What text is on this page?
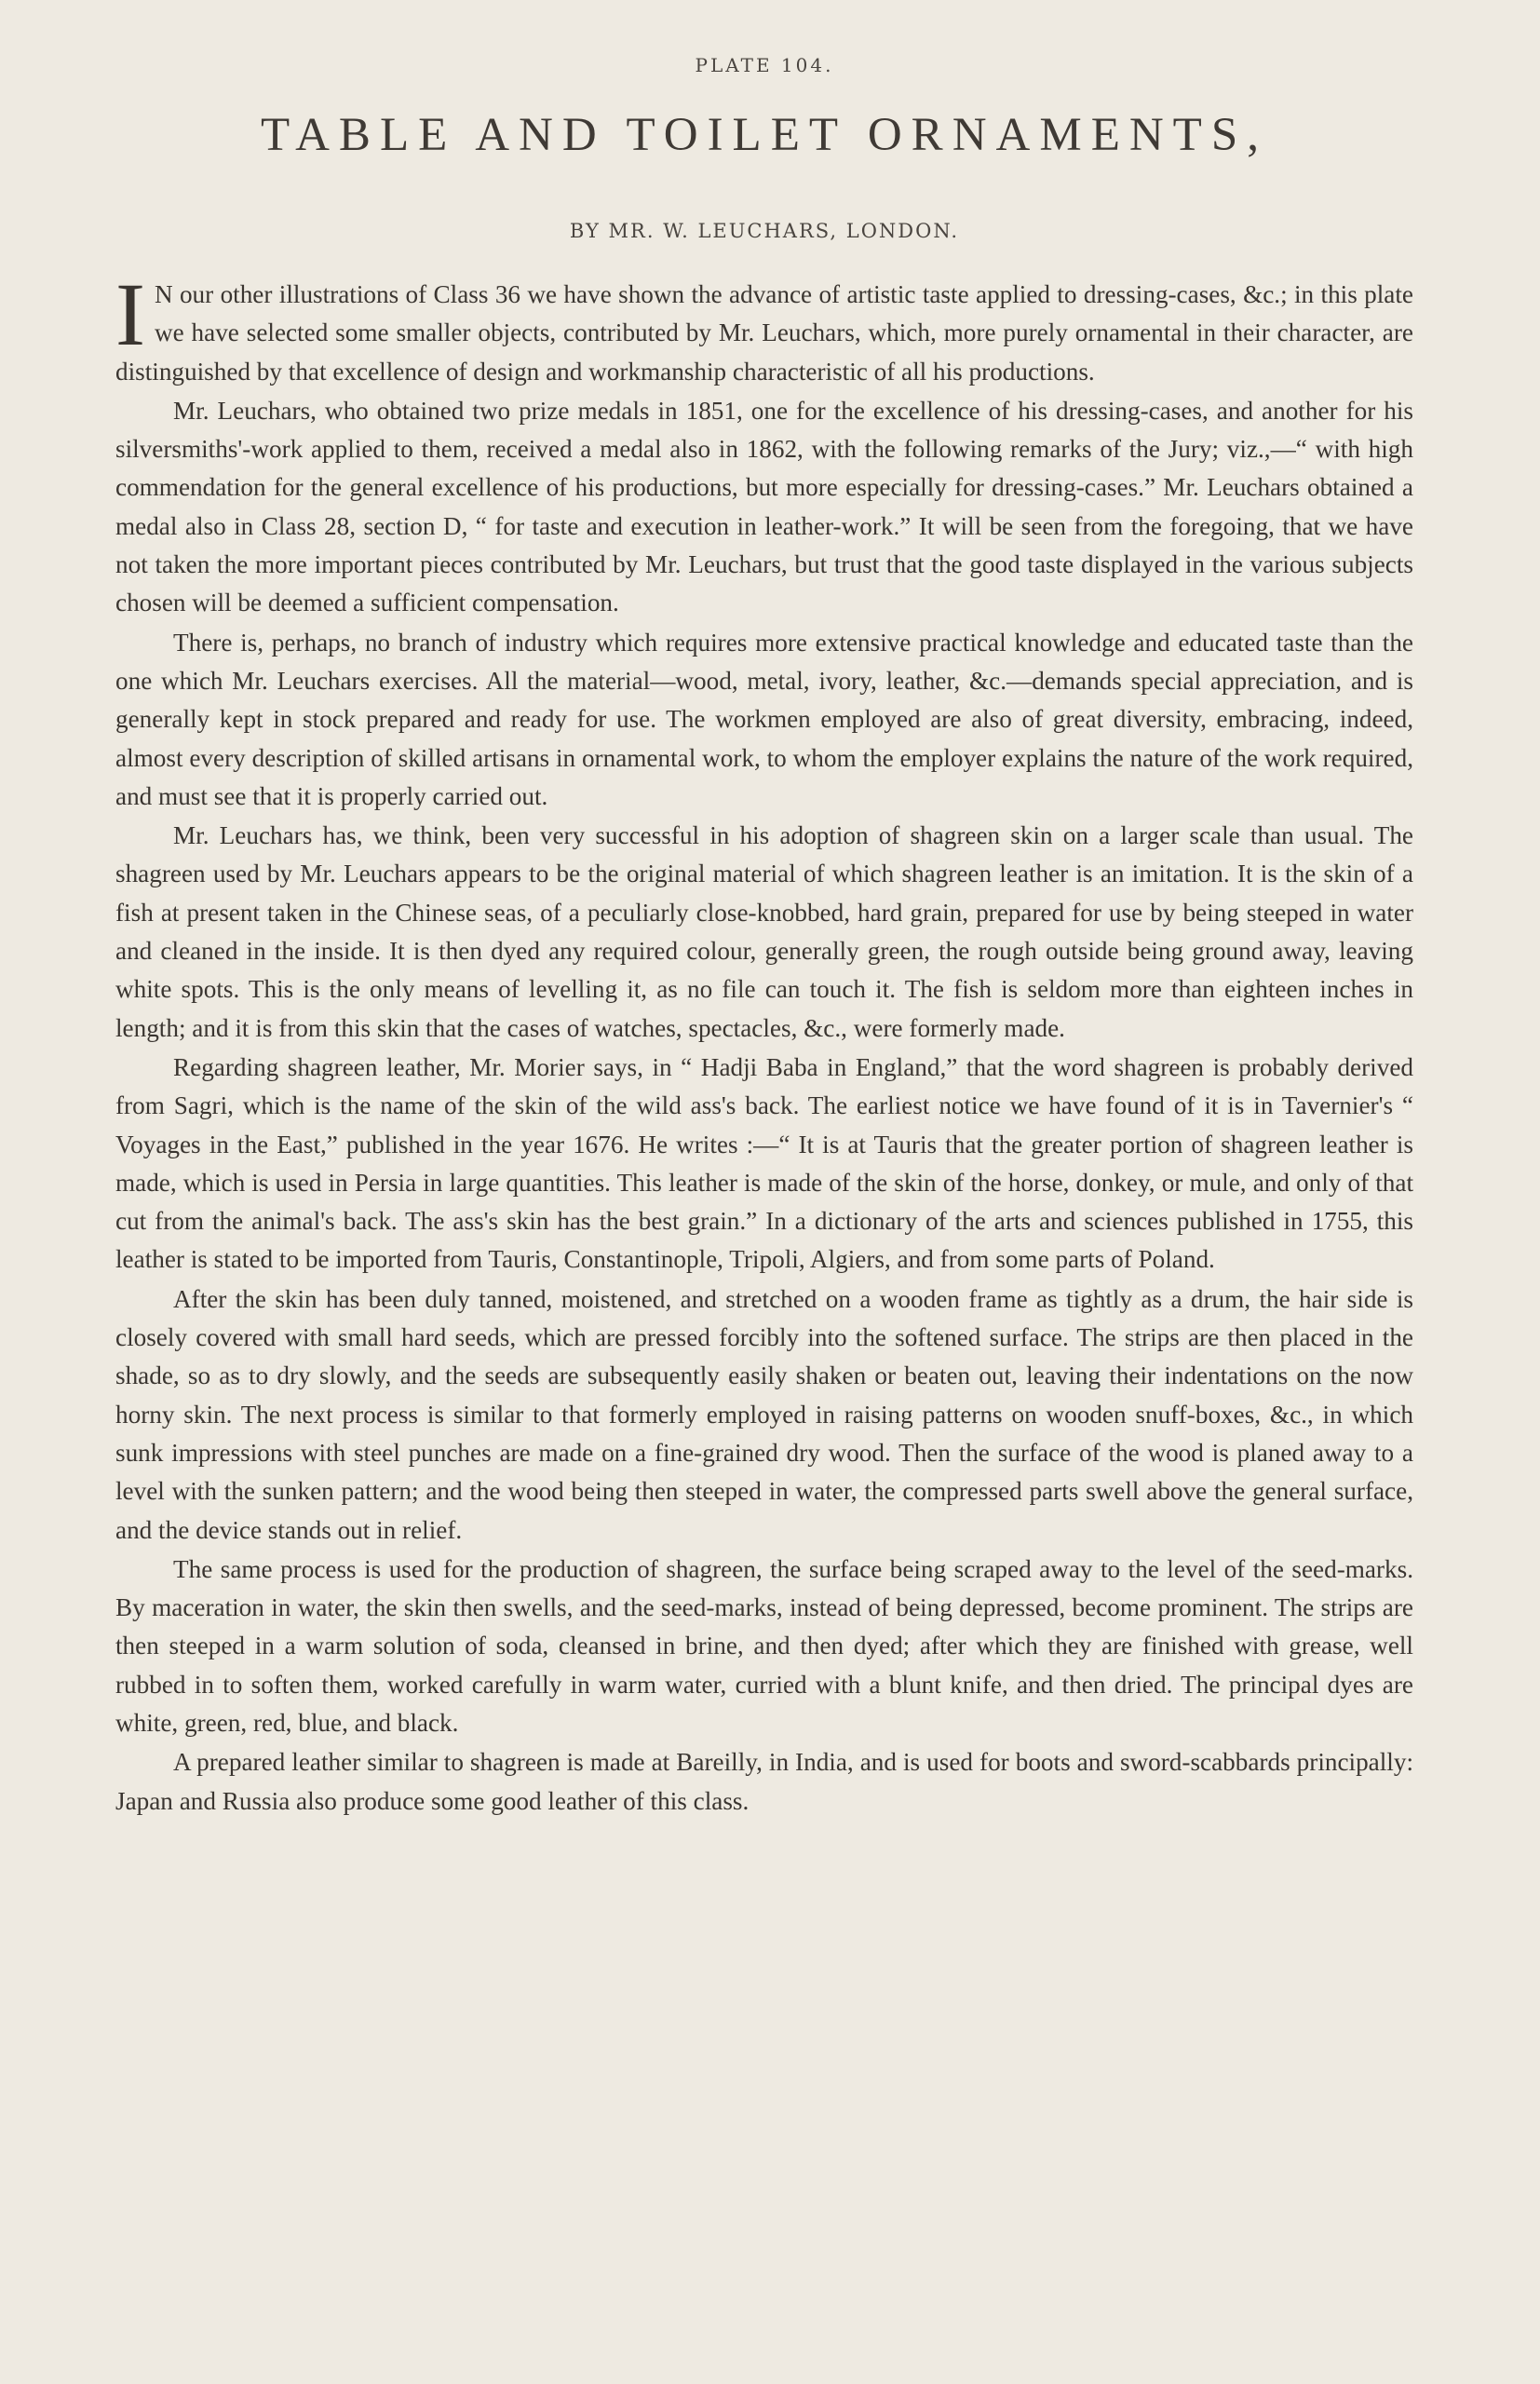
PLATE 104.
TABLE AND TOILET ORNAMENTS,
BY MR. W. LEUCHARS, LONDON.

I N our other illustrations of Class 36 we have shown the advance of artistic taste applied to dressing-cases, &c.; in this plate we have selected some smaller objects, contributed by Mr. Leuchars, which, more purely ornamental in their character, are distinguished by that excellence of design and workmanship characteristic of all his productions.

Mr. Leuchars, who obtained two prize medals in 1851, one for the excellence of his dressing-cases, and another for his silversmiths'-work applied to them, received a medal also in 1862, with the following remarks of the Jury; viz.,—“ with high commendation for the general excellence of his productions, but more especially for dressing-cases.” Mr. Leuchars obtained a medal also in Class 28, section D, “ for taste and execution in leather-work.” It will be seen from the foregoing, that we have not taken the more important pieces contributed by Mr. Leuchars, but trust that the good taste displayed in the various subjects chosen will be deemed a sufficient compensation.

There is, perhaps, no branch of industry which requires more extensive practical knowledge and educated taste than the one which Mr. Leuchars exercises. All the material—wood, metal, ivory, leather, &c.—demands special appreciation, and is generally kept in stock prepared and ready for use. The workmen employed are also of great diversity, embracing, indeed, almost every description of skilled artisans in ornamental work, to whom the employer explains the nature of the work required, and must see that it is properly carried out.

Mr. Leuchars has, we think, been very successful in his adoption of shagreen skin on a larger scale than usual. The shagreen used by Mr. Leuchars appears to be the original material of which shagreen leather is an imitation. It is the skin of a fish at present taken in the Chinese seas, of a peculiarly close-knobbed, hard grain, prepared for use by being steeped in water and cleaned in the inside. It is then dyed any required colour, generally green, the rough outside being ground away, leaving white spots. This is the only means of levelling it, as no file can touch it. The fish is seldom more than eighteen inches in length; and it is from this skin that the cases of watches, spectacles, &c., were formerly made.

Regarding shagreen leather, Mr. Morier says, in “ Hadji Baba in England,” that the word shagreen is probably derived from Sagri, which is the name of the skin of the wild ass's back. The earliest notice we have found of it is in Tavernier's “ Voyages in the East,” published in the year 1676. He writes :—“ It is at Tauris that the greater portion of shagreen leather is made, which is used in Persia in large quantities. This leather is made of the skin of the horse, donkey, or mule, and only of that cut from the animal's back. The ass's skin has the best grain.” In a dictionary of the arts and sciences published in 1755, this leather is stated to be imported from Tauris, Constantinople, Tripoli, Algiers, and from some parts of Poland.

After the skin has been duly tanned, moistened, and stretched on a wooden frame as tightly as a drum, the hair side is closely covered with small hard seeds, which are pressed forcibly into the softened surface. The strips are then placed in the shade, so as to dry slowly, and the seeds are subsequently easily shaken or beaten out, leaving their indentations on the now horny skin. The next process is similar to that formerly employed in raising patterns on wooden snuff-boxes, &c., in which sunk impressions with steel punches are made on a fine-grained dry wood. Then the surface of the wood is planed away to a level with the sunken pattern; and the wood being then steeped in water, the compressed parts swell above the general surface, and the device stands out in relief.

The same process is used for the production of shagreen, the surface being scraped away to the level of the seed-marks. By maceration in water, the skin then swells, and the seed-marks, instead of being depressed, become prominent. The strips are then steeped in a warm solution of soda, cleansed in brine, and then dyed; after which they are finished with grease, well rubbed in to soften them, worked carefully in warm water, curried with a blunt knife, and then dried. The principal dyes are white, green, red, blue, and black.

A prepared leather similar to shagreen is made at Bareilly, in India, and is used for boots and sword-scabbards principally: Japan and Russia also produce some good leather of this class.
